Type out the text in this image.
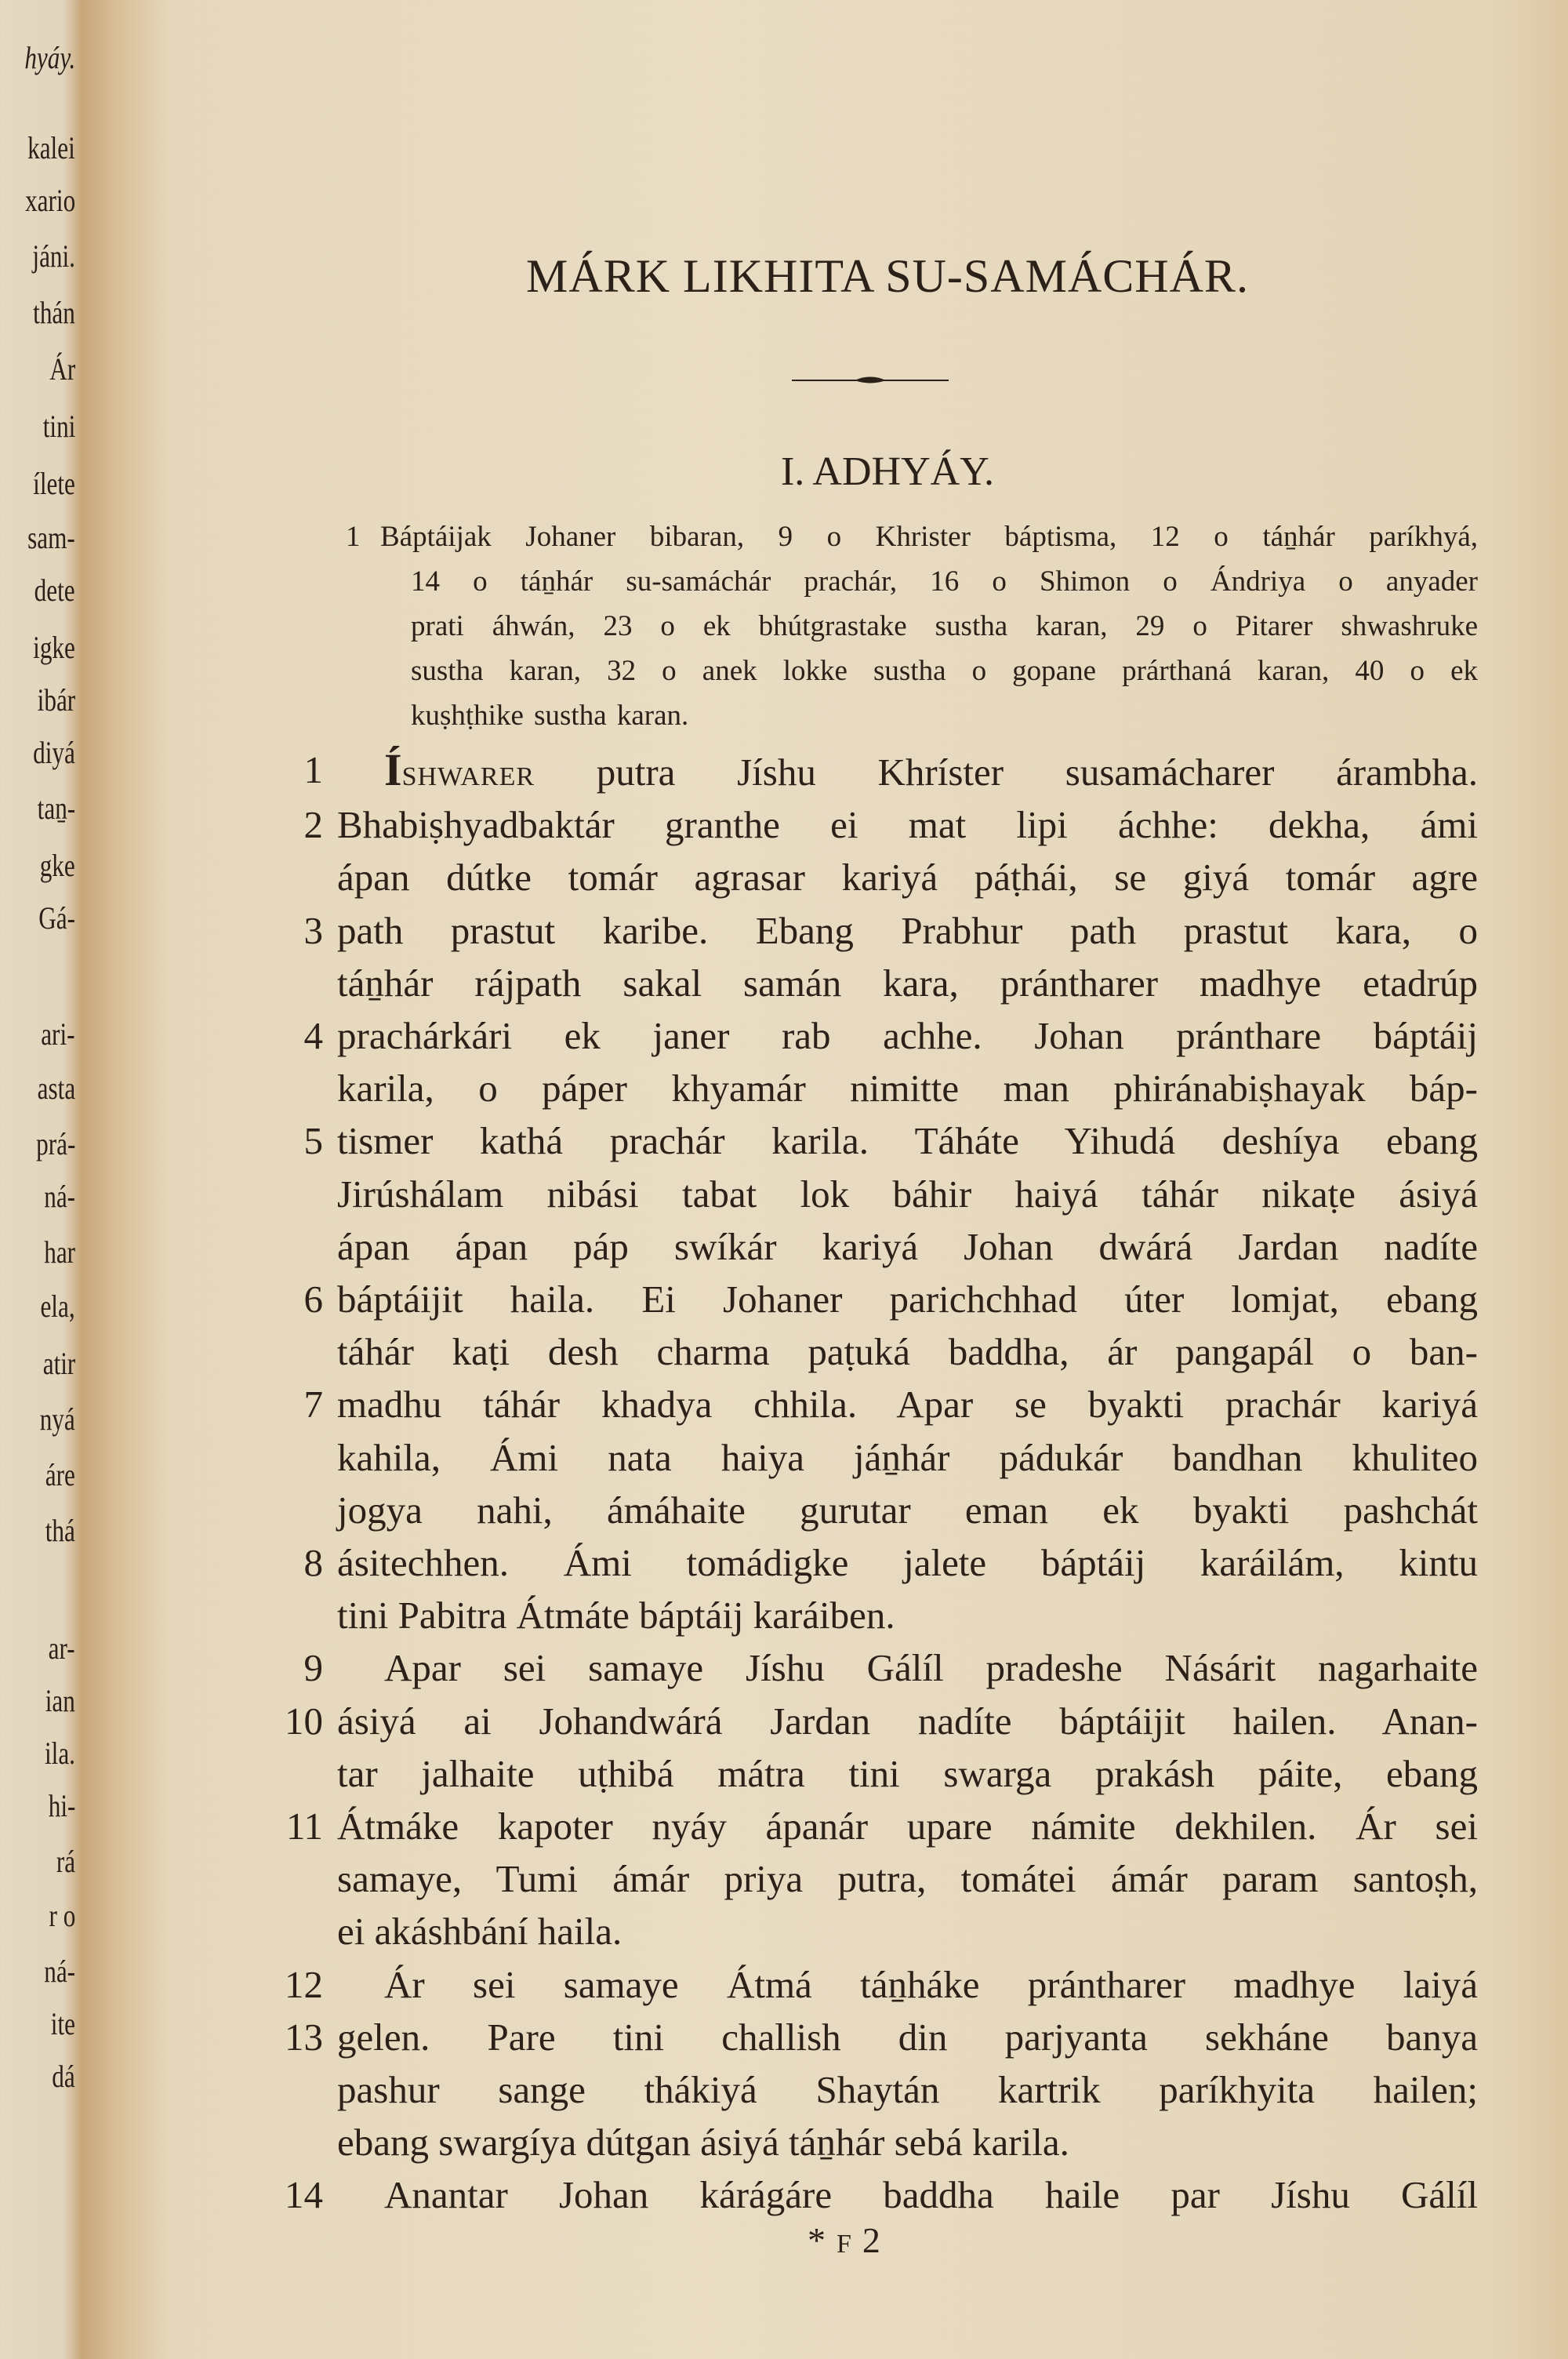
hyáy.
kalei
xario
jáni.
thán
Ár
tini
ílete
sam-
dete
igke
ibár
diyá
taṉ-
gke
Gá-
ari-
asta
prá-
ná-
har
ela,
atir
nyá
áre
thá
ar-
ian
ila.
hi-
rá
r o
ná-
ite
dá
MÁRK LIKHITA SU-SAMÁCHÁR.
I. ADHYÁY.
1 Báptáijak Johaner bibaran, 9 o Khrister báptisma, 12 o táṉhár paríkhyá,
14 o táṉhár su-samáchár prachár, 16 o Shimon o Ándriya o anyader
prati áhwán, 23 o ek bhútgrastake sustha karan, 29 o Pitarer shwashruke
sustha karan, 32 o anek lokke sustha o gopane prárthaná karan, 40 o ek
kuṣhṭhike sustha karan.
1	Íshwarer putra Jíshu Khríster susamácharer árambha.
2 Bhabiṣhyadbaktár granthe ei mat lipi áchhe: dekha, ámi
ápan dútke tomár agrasar kariyá páṭhái, se giyá tomár agre
3 path prastut karibe. Ebang Prabhur path prastut kara, o
táṉhár rájpath sakal samán kara, prántharer madhye etadrúp
4 prachárkári ek janer rab achhe. Johan pránthare báptáij
karila, o páper khyamár nimitte man phiránabiṣhayak báp-
5 tismer kathá prachár karila. Táháte Yihudá deshíya ebang
Jirúshálam nibási tabat lok báhir haiyá táhár nikaṭe ásiyá
ápan ápan páp swíkár kariyá Johan dwárá Jardan nadíte
6 báptáijit haila. Ei Johaner parichchhad úter lomjat, ebang
táhár kaṭi desh charma paṭuká baddha, ár pangapál o ban-
7 madhu táhár khadya chhila. Apar se byakti prachár kariyá
kahila, Ámi nata haiya jáṉhár pádukár bandhan khuliteo
jogya nahi, ámáhaite gurutar eman ek byakti pashchát
8 ásitechhen. Ámi tomádigke jalete báptáij karáilám, kintu
tini Pabitra Átmáte báptáij karáiben.
9	Apar sei samaye Jíshu Gálíl pradeshe Násárit nagarhaite
10 ásiyá ai Johandwárá Jardan nadíte báptáijit hailen. Anan-
tar jalhaite uṭhibá mátra tini swarga prakásh páite, ebang
11 Átmáke kapoter nyáy ápanár upare námite dekhilen. Ár sei
samaye, Tumi ámár priya putra, tomátei ámár param santoṣh,
ei akáshbání haila.
12	Ár sei samaye Átmá táṉháke prántharer madhye laiyá
13 gelen. Pare tini challish din parjyanta sekháne banya
pashur sange thákiyá Shaytán kartrik paríkhyita hailen;
ebang swargíya dútgan ásiyá táṉhár sebá karila.
14	Anantar Johan kárágáre baddha haile par Jíshu Gálíl
* F 2
